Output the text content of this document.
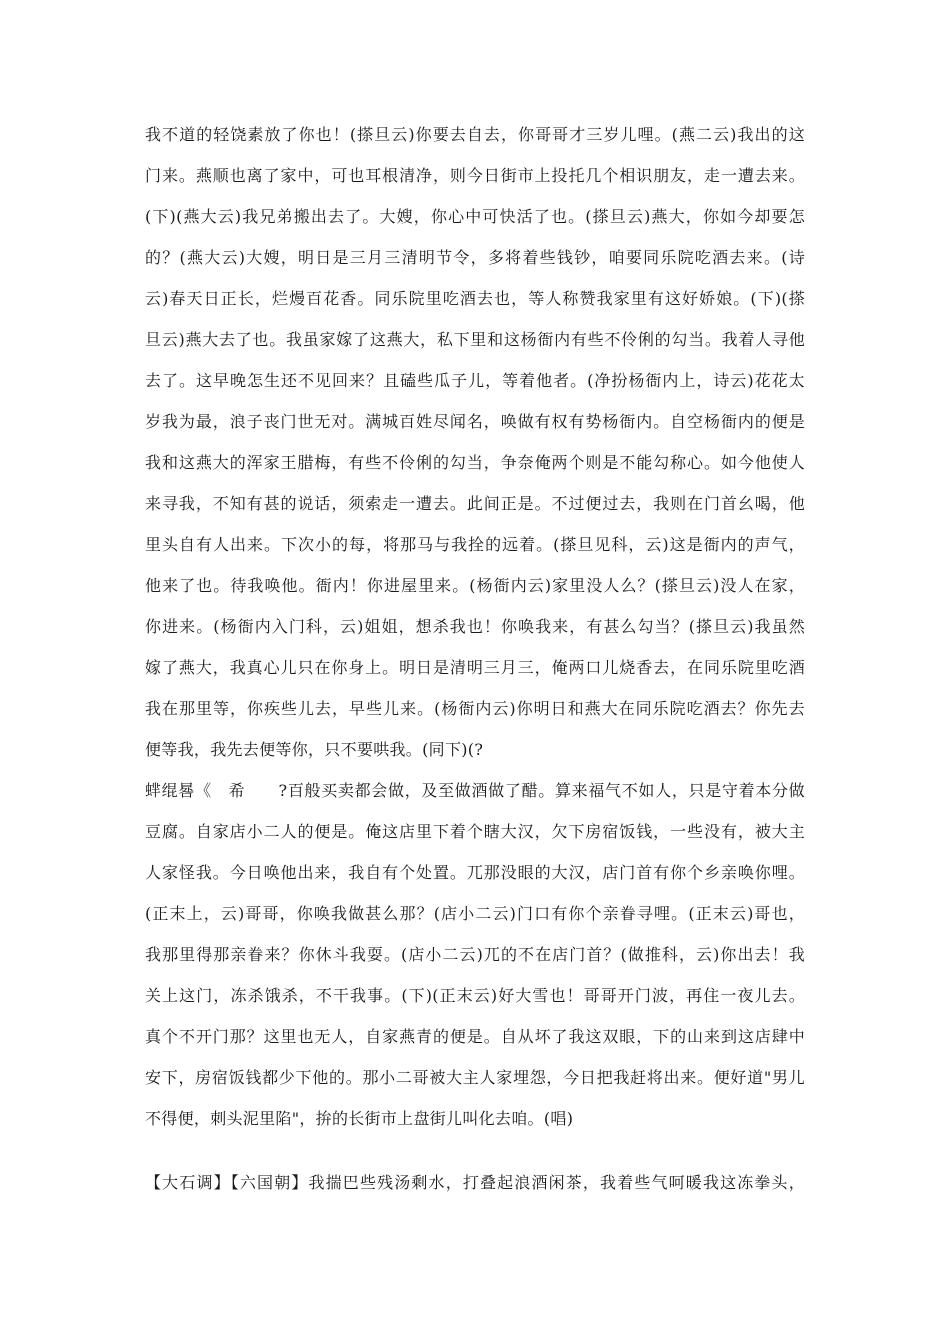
我不道的轻饶素放了你也！(搽旦云)你要去自去，你哥哥才三岁儿哩。(燕二云)我出的这
门来。燕顺也离了家中，可也耳根清净，则今日街市上投托几个相识朋友，走一遭去来。
(下)(燕大云)我兄弟搬出去了。大嫂，你心中可快活了也。(搽旦云)燕大，你如今却要怎
的？(燕大云)大嫂，明日是三月三清明节令，多将着些钱钞，咱要同乐院吃酒去来。(诗
云)春天日正长，烂熳百花香。同乐院里吃酒去也，等人称赞我家里有这好娇娘。(下)(搽
旦云)燕大去了也。我虽家嫁了这燕大，私下里和这杨衙内有些不伶俐的勾当。我着人寻他
去了。这早晚怎生还不见回来？且磕些瓜子儿，等着他者。(净扮杨衙内上，诗云)花花太
岁我为最，浪子丧门世无对。满城百姓尽闻名，唤做有权有势杨衙内。自空杨衙内的便是
我和这燕大的浑家王腊梅，有些不伶俐的勾当，争奈俺两个则是不能勾称心。如今他使人
来寻我，不知有甚的说话，须索走一遭去。此间正是。不过便过去，我则在门首幺喝，他
里头自有人出来。下次小的每，将那马与我拴的远着。(搽旦见科，云)这是衙内的声气，
他来了也。待我唤他。衙内！你进屋里来。(杨衙内云)家里没人么？(搽旦云)没人在家，
你进来。(杨衙内入门科，云)姐姐，想杀我也！你唤我来，有甚么勾当？(搽旦云)我虽然
嫁了燕大，我真心儿只在你身上。明日是清明三月三，俺两口儿烧香去，在同乐院里吃酒
我在那里等，你疾些儿去，早些儿来。(杨衙内云)你明日和燕大在同乐院吃酒去？你先去
便等我，我先去便等你，只不要哄我。(同下)(?
蝆绲晷《　希　　?百般买卖都会做，及至做酒做了醋。算来福气不如人，只是守着本分做
豆腐。自家店小二人的便是。俺这店里下着个瞎大汉，欠下房宿饭钱，一些没有，被大主
人家怪我。今日唤他出来，我自有个处置。兀那没眼的大汉，店门首有你个乡亲唤你哩。
(正末上，云)哥哥，你唤我做甚么那？(店小二云)门口有你个亲眷寻哩。(正末云)哥也，
我那里得那亲眷来？你休斗我耍。(店小二云)兀的不在店门首？(做推科，云)你出去！我
关上这门，冻杀饿杀，不干我事。(下)(正末云)好大雪也！哥哥开门波，再住一夜儿去。
真个不开门那？这里也无人，自家燕青的便是。自从坏了我这双眼，下的山来到这店肆中
安下，房宿饭钱都少下他的。那小二哥被大主人家埋怨，今日把我赶将出来。便好道"男儿
不得便，刺头泥里陷"，拚的长街市上盘街儿叫化去咱。(唱)
【大石调】【六国朝】我揣巴些残汤剩水，打叠起浪酒闲茶，我着些气呵暖我这冻拳头，
